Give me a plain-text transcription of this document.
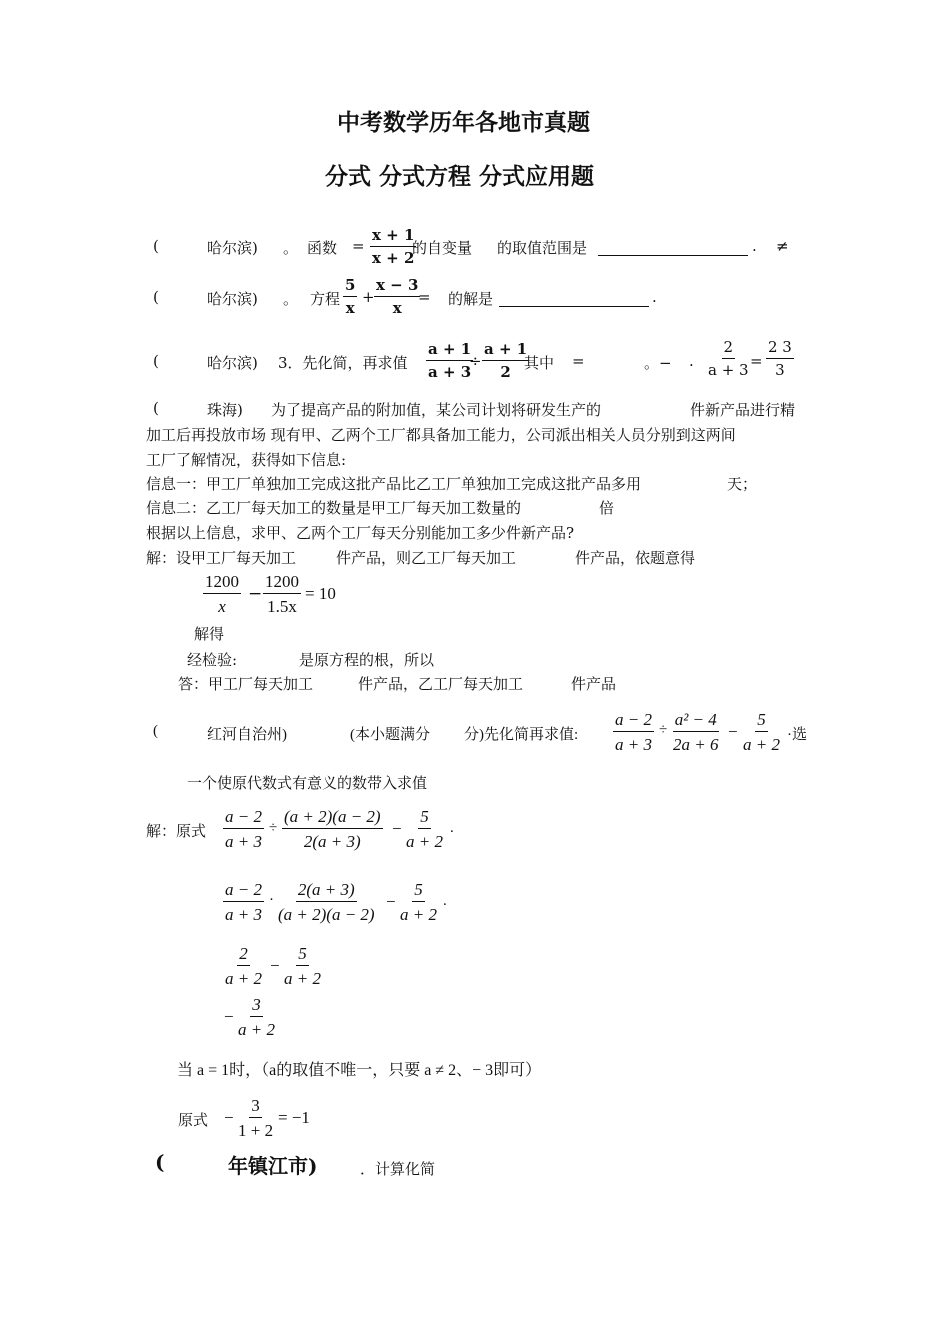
中考数学历年各地市真题
分式 分式方程 分式应用题
(	哈尔滨) 。 函数 = $\frac{x + 1}{x + 2}$
的自变量 的取值范围是	. ≠
(	哈尔滨) 。 方程 $\frac{5}{x} + \frac{x - 3}{x}$
= 的解是	.
(	哈尔滨) 3．先化简，再求值 $\frac{a + 1}{a + 3}$
÷ $\frac{a + 1}{2}$
其中 =	。− . $\frac{2}{a + 3} = \frac{2 3}{3}$
(	珠海) 为了提高产品的附加值，某公司计划将研发生产的	件新产品进行精
加工后再投放市场 现有甲、乙两个工厂都具备加工能力，公司派出相关人员分别到这两间
工厂了解情况，获得如下信息:
信息一：甲工厂单独加工完成这批产品比乙工厂单独加工完成这批产品多用	天；
信息二：乙工厂每天加工的数量是甲工厂每天加工数量的	倍
根据以上信息，求甲、乙两个工厂每天分别能加工多少件新产品?
解：设甲工厂每天加工	件产品，则乙工厂每天加工	件产品，依题意得
$\frac{1200}{x} - \frac{1200}{1.5x} = 10$
解得
经检验:	是原方程的根，所以
答：甲工厂每天加工	件产品，乙工厂每天加工	件产品
(	红河自治州)	(本小题满分 分)先化简再求值: $\frac{a - 2}{a + 3} \div \frac{\text{a² − 4}}{2a + 6} - \frac{5}{a + 2}$ ·选
一个使原代数式有意义的数带入求值
解：原式 $\frac{a - 2}{a + 3} \div \frac{(a + 2)(a - 2)}{2(a + 3)} - \frac{5}{a + 2}$ .
$\frac{a - 2}{a + 3} \cdot \frac{2(a + 3)}{(a + 2)(a - 2)} - \frac{5}{a + 2}$ .
$\frac{2}{a + 2} - \frac{5}{a + 2}$
− $\frac{3}{a + 2}$
当 a = 1时，（a的取值不唯一，只要 a ≠ 2、− 3即可）
原式 − $\frac{3}{1 + 2} = -1$
(	年镇江市)	．计算化简
